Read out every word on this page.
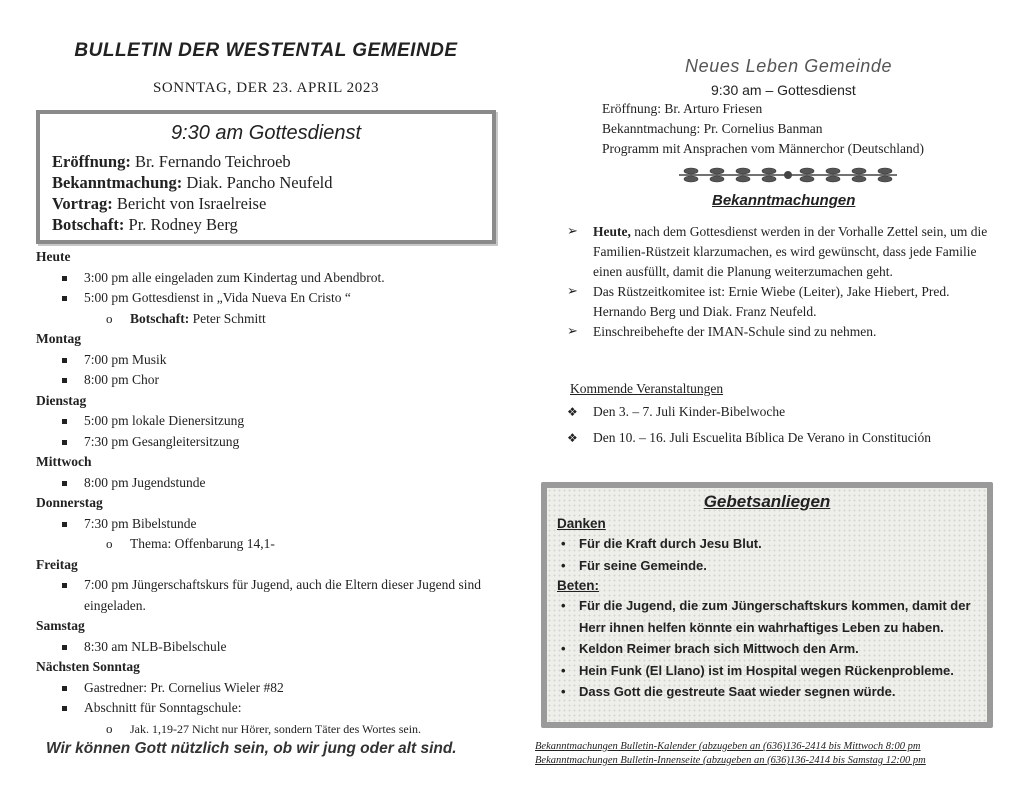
BULLETIN DER WESTENTAL GEMEINDE
SONNTAG, DER 23. APRIL 2023
9:30 am Gottesdienst
Eröffnung: Br. Fernando Teichroeb
Bekanntmachung: Diak. Pancho Neufeld
Vortrag: Bericht von Israelreise
Botschaft: Pr. Rodney Berg
Heute
3:00 pm alle eingeladen zum Kindertag und Abendbrot.
5:00 pm Gottesdienst in „Vida Nueva En Cristo “
o Botschaft: Peter Schmitt
Montag
7:00 pm Musik
8:00 pm Chor
Dienstag
5:00 pm lokale Dienersitzung
7:30 pm Gesangleitersitzung
Mittwoch
8:00 pm Jugendstunde
Donnerstag
7:30 pm Bibelstunde
o Thema: Offenbarung 14,1-
Freitag
7:00 pm Jüngerschaftskurs für Jugend, auch die Eltern dieser Jugend sind eingeladen.
Samstag
8:30 am NLB-Bibelschule
Nächsten Sonntag
Gastredner: Pr. Cornelius Wieler #82
Abschnitt für Sonntagschule:
o Jak. 1,19-27 Nicht nur Hörer, sondern Täter des Wortes sein.
Wir können Gott nützlich sein, ob wir jung oder alt sind.
Neues Leben Gemeinde
9:30 am – Gottesdienst
Eröffnung: Br. Arturo Friesen
Bekanntmachung: Pr. Cornelius Banman
Programm mit Ansprachen vom Männerchor (Deutschland)
Bekanntmachungen
➢ Heute, nach dem Gottesdienst werden in der Vorhalle Zettel sein, um die Familien-Rüstzeit klarzumachen, es wird gewünscht, dass jede Familie einen ausfüllt, damit die Planung weiterzumachen geht.
➢ Das Rüstzeitkomitee ist: Ernie Wiebe (Leiter), Jake Hiebert, Pred. Hernando Berg und Diak. Franz Neufeld.
➢ Einschreibehefte der IMAN-Schule sind zu nehmen.
Kommende Veranstaltungen
❖ Den 3. – 7. Juli Kinder-Bibelwoche
❖ Den 10. – 16. Juli Escuelita Bíblica De Verano in Constitución
Gebetsanliegen
Danken
• Für die Kraft durch Jesu Blut.
• Für seine Gemeinde.
Beten:
• Für die Jugend, die zum Jüngerschaftskurs kommen, damit der Herr ihnen helfen könnte ein wahrhaftiges Leben zu haben.
• Keldon Reimer brach sich Mittwoch den Arm.
• Hein Funk (El Llano) ist im Hospital wegen Rückenprobleme.
• Dass Gott die gestreute Saat wieder segnen würde.
Bekanntmachungen Bulletin-Kalender (abzugeben an (636)136-2414 bis Mittwoch 8:00 pm
Bekanntmachungen Bulletin-Innenseite (abzugeben an (636)136-2414 bis Samstag 12:00 pm
